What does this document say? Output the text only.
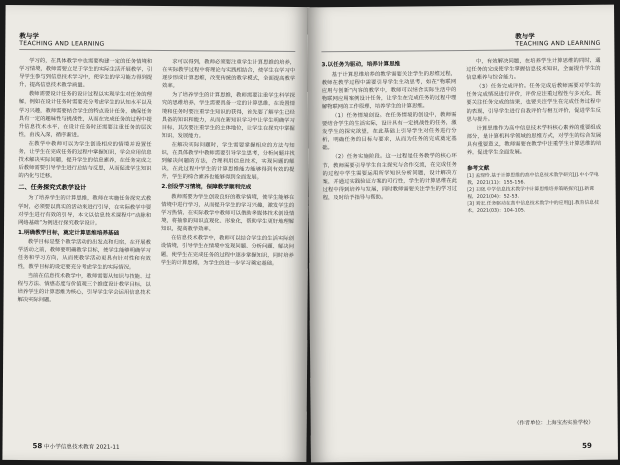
教与学
TEACHING AND LEARNING
学习的，在具体教学中也需要构建一定的任务情境和学习情境，教师需要立足于学生的实际生活开展教学，引导学生参与到信息技术学习中，使学生的学习能力得到提升，提高信息技术教学质量。
教师需要设计任务的设计过程以实现学生对任务的理解，例如在设计任务时需要充分考虑学生的认知水平以及学习兴趣，教师需要结合学生的特点设计任务，确保任务具有一定的趣味性与挑战性，从而在完成任务的过程中提升信息技术水平，在设计任务时还需要注重任务的层次性，由浅入深，循序渐进。
在教学中教师可以为学生创设相应的情境并设置任务，让学生在完成任务的过程中掌握知识，学会应用信息技术解决实际问题，提升学生的信息素养，在任务完成之后教师需要引导学生进行总结与反思，从而促进学生知识的内化与迁移。
二、任务探究式教学设计
为了培养学生的计算思维，教师在实施任务探究式教学时，必须要以真实的活动来进行引导，在实际教学中要对学生进行有效的引导，本文以信息技术课程中“动脉和网络基础”为例进行探究教学设计。
1.明确教学目标，奠定计算思维培养基础
教学目标是整个教学活动的出发点和归宿，在开展教学活动之前，教师要明确教学目标，使学生能够明确学习任务和学习方向，从而使教学活动更具有针对性和有效性，教学目标的设定要充分考虑学生的实际情况。
当前在信息技术教学中，教师需要从知识与技能、过程与方法、情感态度与价值观三个维度设计教学目标，以培养学生的计算思维为核心，引导学生学会运用信息技术解决实际问题。
求可以得到，教师必须要注重学生计算思维的培养，在实际教学过程中将理论与实践相结合，使学生在学习中逐步形成计算思维，改变传统的教学模式，全面提高教学效率。
为了培养学生的计算思维，教师需要注重学生科学探究的思维培养，学生需要具备一定的计算思维，在设置情境和任务时要注重学生知识的获得，首先要了解学生已经具备的知识和能力，从而在新知识学习中让学生明确学习目标，其次要注重学生的主体地位，让学生在探究中掌握知识，发展能力。
在解决实际问题时，学生需要掌握相应的方法与知识，在具体教学中教师需要引导学生思考，分析问题并找到解决问题的方法，合理利用信息技术，实现问题的解决，在此过程中学生的计算思维能力能够得到有效的提升，学生的综合素养也能够得到全面发展。
2.创设学习情境，保障教学顺利完成
教师需要为学生创设良好的教学情境，使学生能够在情境中进行学习，从而提升学生的学习兴趣，激发学生的学习热情，在实际教学中教师可以借助多媒体技术创设情境，将抽象的知识直观化、形象化，帮助学生更好地理解知识，提高教学效率。
在信息技术教学中，教师可以结合学生的生活实际创设情境，引导学生在情境中发现问题、分析问题、解决问题，使学生在完成任务的过程中逐步掌握知识，同时培养学生的计算思维，为学生的进一步学习奠定基础。
58 中小学信息技术教育 2021-11
教与学
TEACHING AND LEARNING
3.以任务为驱动，培养计算思维
基于计算思维培养的教学需要关注学生的思维过程，教师在教学过程中需要引导学生主动思考，如在“物联网应用与创新”内容的教学中，教师可以结合实际生活中的物联网应用案例设计任务，让学生在完成任务的过程中理解物联网的工作原理，培养学生的计算思维。
（1）任务情境创设。在任务情境的创设中，教师需要结合学生的生活实际，设计具有一定挑战性的任务，激发学生的探究欲望，在此基础上引导学生对任务进行分析，明确任务的目标与要求，从而为任务的完成奠定基础。
（2）任务实施阶段。这一过程是任务教学的核心环节，教师需要引导学生自主探究与合作交流，在完成任务的过程中学生需要运用所学知识分析问题，设计解决方案，并通过实践验证方案的可行性，学生的计算思维在此过程中得到培养与发展，同时教师需要关注学生的学习过程，及时给予指导与帮助。
中，有效解决问题，在培养学生计算思维的同时，通过任务的完成使学生掌握信息技术知识，全面提升学生的信息素养与综合能力。
（3）任务完成评价。任务完成后教师需要对学生的任务完成情况进行评价，评价应注重过程性与多元化，既要关注任务完成的结果，也要关注学生在完成任务过程中的表现，引导学生进行自我评价与相互评价，促进学生反思与提升。
计算思维作为高中信息技术学科核心素养的重要组成部分，是计算机科学领域的思维方式，对学生的综合发展具有重要意义，教师需要在教学中注重学生计算思维的培养，促进学生全面发展。
参考文献
[1] 孟现玲.基于计算思维的高中信息技术教学研究[J].中小学电教，2021(11)：155-156.
[2] 王晓.中学信息技术教学中计算思维培养策略探究[J].新课程，2021(04)：52-53.
[3] 刘宏.任务驱动在高中信息技术教学中的应用[J].教育信息技术，2021(03)：104-105.
（作者单位：上海宝杰实验学校）
59
